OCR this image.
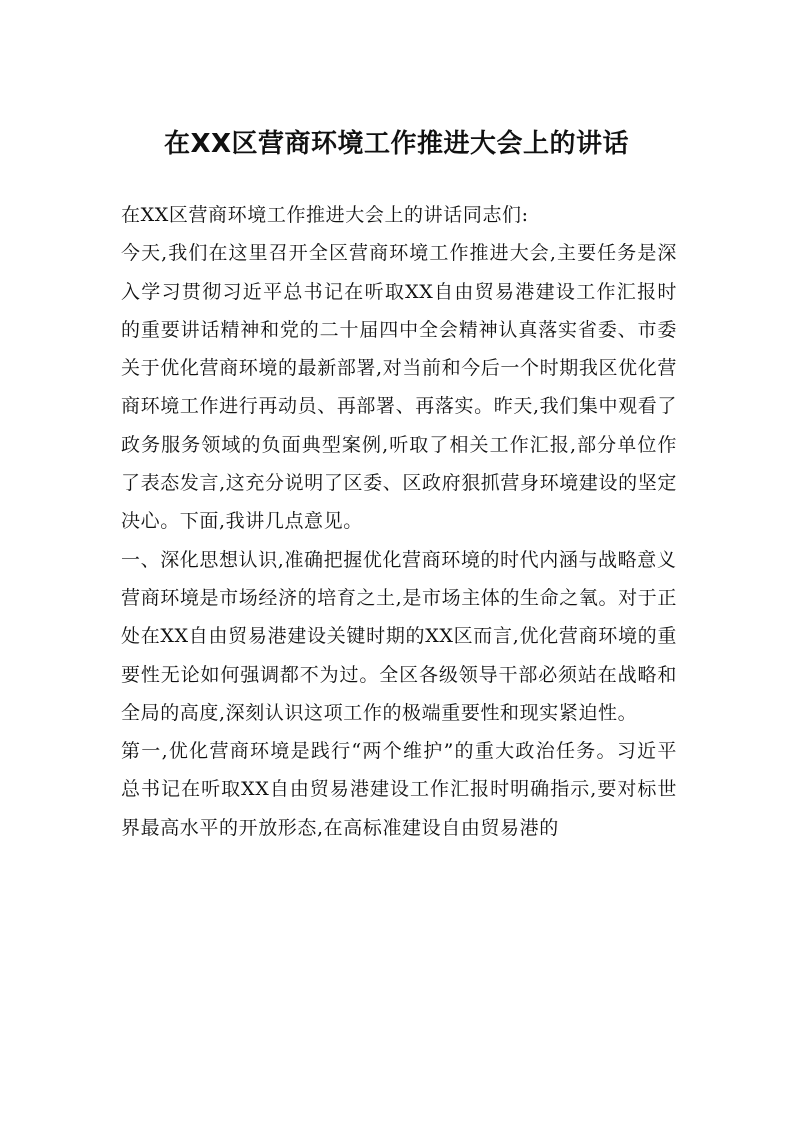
在XX区营商环境工作推进大会上的讲话

在XX区营商环境工作推进大会上的讲话同志们:

今天,我们在这里召开全区营商环境工作推进大会,主要任务是深入学习贯彻习近平总书记在听取XX自由贸易港建设工作汇报时的重要讲话精神和党的二十届四中全会精神认真落实省委、市委关于优化营商环境的最新部署,对当前和今后一个时期我区优化营商环境工作进行再动员、再部署、再落实。昨天,我们集中观看了政务服务领域的负面典型案例,听取了相关工作汇报,部分单位作了表态发言,这充分说明了区委、区政府狠抓营身环境建设的坚定决心。下面,我讲几点意见。

一、深化思想认识,准确把握优化营商环境的时代内涵与战略意义

营商环境是市场经济的培育之土,是市场主体的生命之氧。对于正处在XX自由贸易港建设关键时期的XX区而言,优化营商环境的重要性无论如何强调都不为过。全区各级领导干部必须站在战略和全局的高度,深刻认识这项工作的极端重要性和现实紧迫性。

第一,优化营商环境是践行“两个维护”的重大政治任务。习近平总书记在听取XX自由贸易港建设工作汇报时明确指示,要对标世界最高水平的开放形态,在高标准建设自由贸易港的
